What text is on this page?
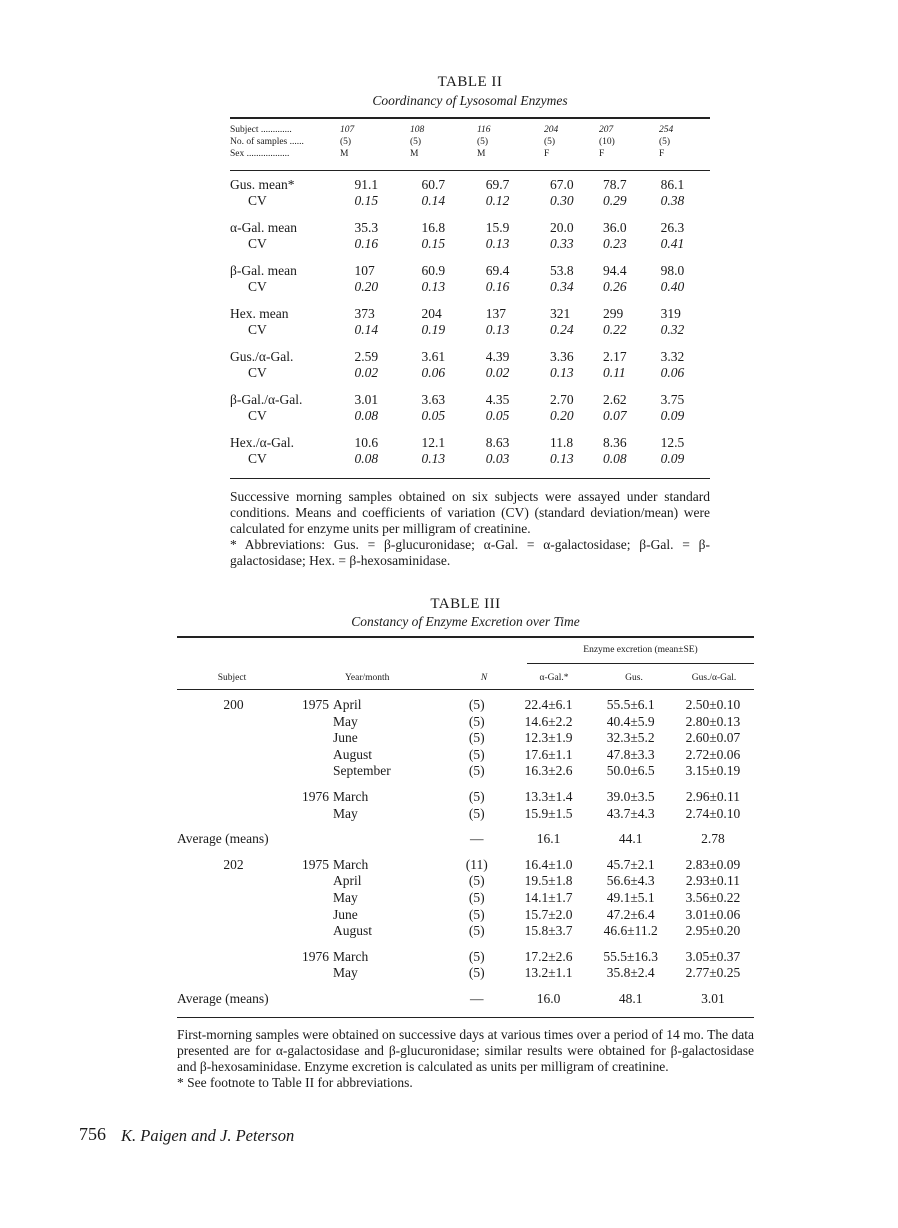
TABLE II
Coordinancy of Lysosomal Enzymes
Subject .............	107	108	116	204	207	254
No. of samples ......	(5)	(5)	(5)	(5)	(10)	(5)
Sex ..................	M	M	M	F	F	F
Gus. mean*	91.1	60.7	69.7	67.0	78.7	86.1
CV	0.15	0.14	0.12	0.30	0.29	0.38

α-Gal. mean	35.3	16.8	15.9	20.0	36.0	26.3
CV	0.16	0.15	0.13	0.33	0.23	0.41

β-Gal. mean	107	60.9	69.4	53.8	94.4	98.0
CV	0.20	0.13	0.16	0.34	0.26	0.40

Hex. mean	373	204	137	321	299	319
CV	0.14	0.19	0.13	0.24	0.22	0.32

Gus./α-Gal.	2.59	3.61	4.39	3.36	2.17	3.32
CV	0.02	0.06	0.02	0.13	0.11	0.06

β-Gal./α-Gal.	3.01	3.63	4.35	2.70	2.62	3.75
CV	0.08	0.05	0.05	0.20	0.07	0.09

Hex./α-Gal.	10.6	12.1	8.63	11.8	8.36	12.5
CV	0.08	0.13	0.03	0.13	0.08	0.09
Successive morning samples obtained on six subjects were assayed under standard conditions. Means and coefficients of variation (CV) (standard deviation/mean) were calculated for enzyme units per milligram of creatinine.
* Abbreviations: Gus. = β-glucuronidase; α-Gal. = α-galactosidase; β-Gal. = β-galactosidase; Hex. = β-hexosaminidase.
TABLE III
Constancy of Enzyme Excretion over Time
Enzyme excretion (mean±SE)
Subject	Year/month	N	α-Gal.*	Gus.	Gus./α-Gal.
200	1975	April	(5)	22.4±6.1	55.5±6.1	2.50±0.10
		May	(5)	14.6±2.2	40.4±5.9	2.80±0.13
		June	(5)	12.3±1.9	32.3±5.2	2.60±0.07
		August	(5)	17.6±1.1	47.8±3.3	2.72±0.06
		September	(5)	16.3±2.6	50.0±6.5	3.15±0.19

	1976	March	(5)	13.3±1.4	39.0±3.5	2.96±0.11
		May	(5)	15.9±1.5	43.7±4.3	2.74±0.10

Average (means)			—	16.1	44.1	2.78

202	1975	March	(11)	16.4±1.0	45.7±2.1	2.83±0.09
		April	(5)	19.5±1.8	56.6±4.3	2.93±0.11
		May	(5)	14.1±1.7	49.1±5.1	3.56±0.22
		June	(5)	15.7±2.0	47.2±6.4	3.01±0.06
		August	(5)	15.8±3.7	46.6±11.2	2.95±0.20

	1976	March	(5)	17.2±2.6	55.5±16.3	3.05±0.37
		May	(5)	13.2±1.1	35.8±2.4	2.77±0.25

Average (means)			—	16.0	48.1	3.01
First-morning samples were obtained on successive days at various times over a period of 14 mo. The data presented are for α-galactosidase and β-glucuronidase; similar results were obtained for β-galactosidase and β-hexosaminidase. Enzyme excretion is calculated as units per milligram of creatinine.
* See footnote to Table II for abbreviations.
756 K. Paigen and J. Peterson
